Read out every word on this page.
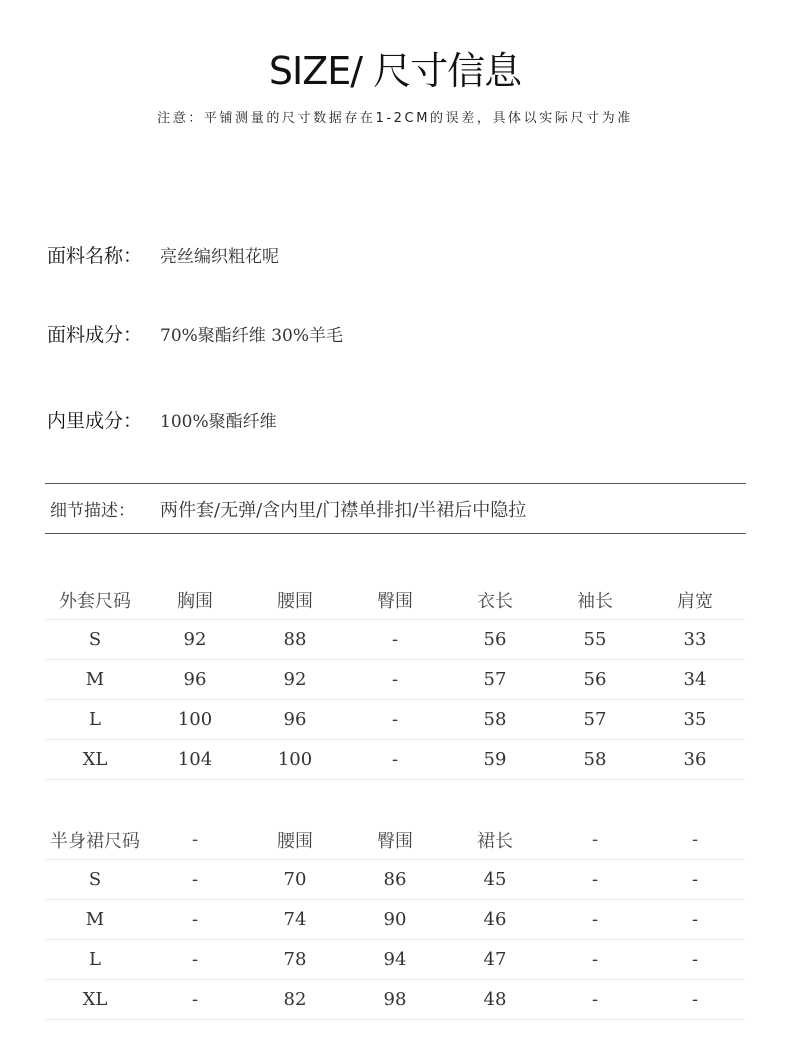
SIZE/ 尺寸信息
注意：平铺测量的尺寸数据存在1-2CM的误差，具体以实际尺寸为准
面料名称：	亮丝编织粗花呢
面料成分：	70%聚酯纤维 30%羊毛
内里成分：	100%聚酯纤维
细节描述：	两件套/无弹/含内里/门襟单排扣/半裙后中隐拉
外套尺码	胸围	腰围	臀围	衣长	袖长	肩宽
S	92	88	-	56	55	33
M	96	92	-	57	56	34
L	100	96	-	58	57	35
XL	104	100	-	59	58	36
半身裙尺码	-	腰围	臀围	裙长	-	-
S	-	70	86	45	-	-
M	-	74	90	46	-	-
L	-	78	94	47	-	-
XL	-	82	98	48	-	-
